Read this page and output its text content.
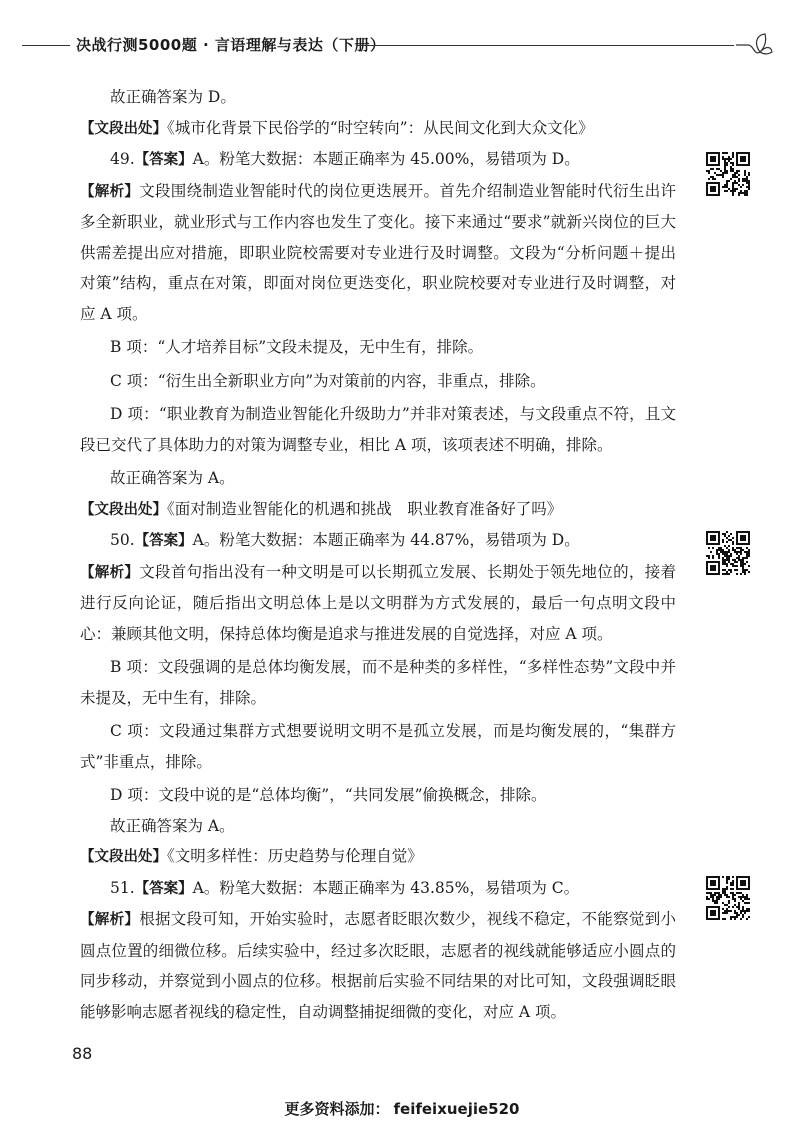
决战行测5000题 · 言语理解与表达（下册）
故正确答案为 D。
【文段出处】《城市化背景下民俗学的“时空转向”：从民间文化到大众文化》
49.【答案】A。粉笔大数据：本题正确率为 45.00%，易错项为 D。
【解析】文段围绕制造业智能时代的岗位更迭展开。首先介绍制造业智能时代衍生出许多全新职业，就业形式与工作内容也发生了变化。接下来通过“要求”就新兴岗位的巨大供需差提出应对措施，即职业院校需要对专业进行及时调整。文段为“分析问题＋提出对策”结构，重点在对策，即面对岗位更迭变化，职业院校要对专业进行及时调整，对应 A 项。
B 项：“人才培养目标”文段未提及，无中生有，排除。
C 项：“衍生出全新职业方向”为对策前的内容，非重点，排除。
D 项：“职业教育为制造业智能化升级助力”并非对策表述，与文段重点不符，且文段已交代了具体助力的对策为调整专业，相比 A 项，该项表述不明确，排除。
故正确答案为 A。
【文段出处】《面对制造业智能化的机遇和挑战　职业教育准备好了吗》
50.【答案】A。粉笔大数据：本题正确率为 44.87%，易错项为 D。
【解析】文段首句指出没有一种文明是可以长期孤立发展、长期处于领先地位的，接着进行反向论证，随后指出文明总体上是以文明群为方式发展的，最后一句点明文段中心：兼顾其他文明，保持总体均衡是追求与推进发展的自觉选择，对应 A 项。
B 项：文段强调的是总体均衡发展，而不是种类的多样性，“多样性态势”文段中并未提及，无中生有，排除。
C 项：文段通过集群方式想要说明文明不是孤立发展，而是均衡发展的，“集群方式”非重点，排除。
D 项：文段中说的是“总体均衡”，“共同发展”偷换概念，排除。
故正确答案为 A。
【文段出处】《文明多样性：历史趋势与伦理自觉》
51.【答案】A。粉笔大数据：本题正确率为 43.85%，易错项为 C。
【解析】根据文段可知，开始实验时，志愿者眨眼次数少，视线不稳定，不能察觉到小圆点位置的细微位移。后续实验中，经过多次眨眼，志愿者的视线就能够适应小圆点的同步移动，并察觉到小圆点的位移。根据前后实验不同结果的对比可知，文段强调眨眼能够影响志愿者视线的稳定性，自动调整捕捉细微的变化，对应 A 项。
88
更多资料添加： feifeixuejie520
